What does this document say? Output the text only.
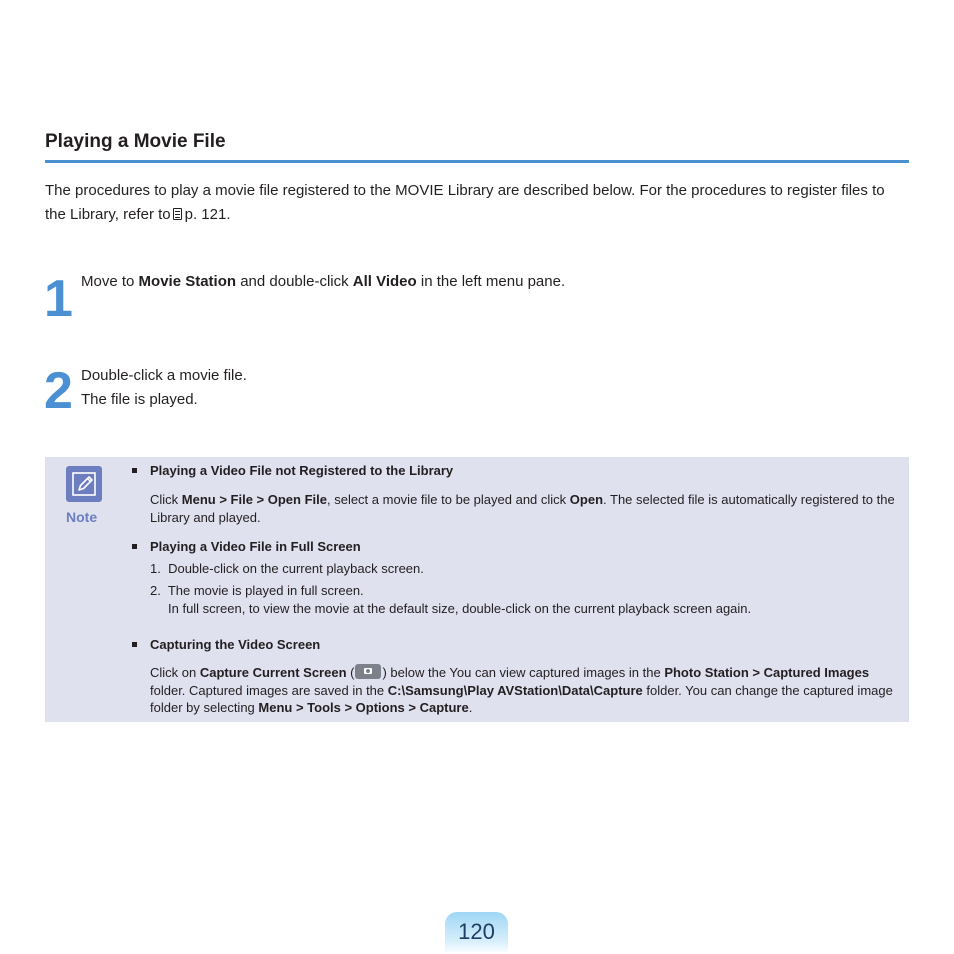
Playing a Movie File

The procedures to play a movie file registered to the MOVIE Library are described below. For the procedures to register files to the Library, refer to p. 121.

1 Move to Movie Station and double-click All Video in the left menu pane.

2 Double-click a movie file.
The file is played.

Note
Playing a Video File not Registered to the Library

Click Menu > File > Open File, select a movie file to be played and click Open. The selected file is automatically registered to the Library and played.

Playing a Video File in Full Screen

1. Double-click on the current playback screen.

2. The movie is played in full screen.

In full screen, to view the movie at the default size, double-click on the current playback screen again.

Capturing the Video Screen

Click on Capture Current Screen ( ) below the You can view captured images in the Photo Station > Captured Images folder. Captured images are saved in the C:\Samsung\Play AVStation\Data\Capture folder. You can change the captured image folder by selecting Menu > Tools > Options > Capture.

120
